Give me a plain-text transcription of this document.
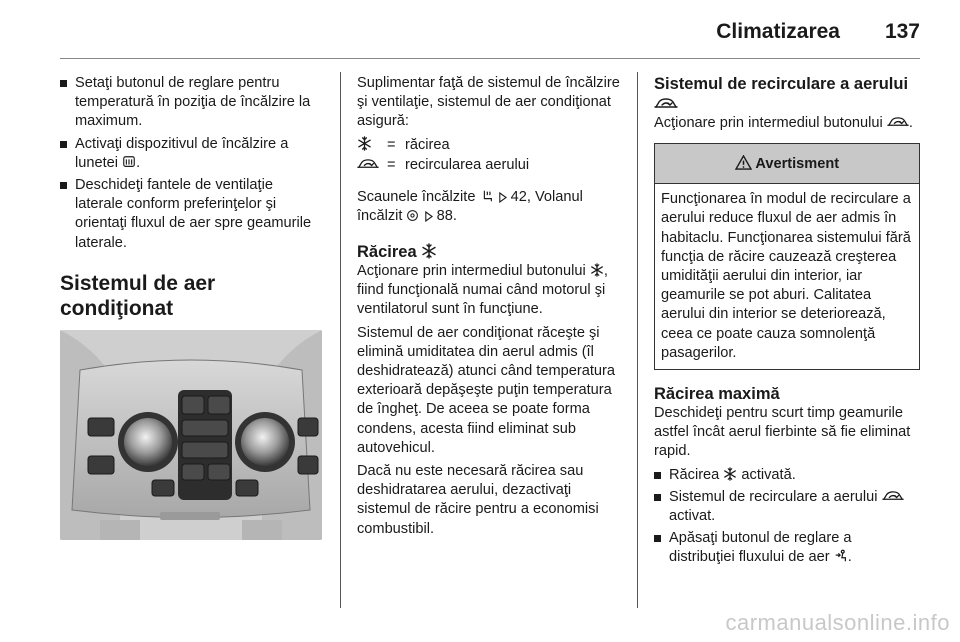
Climatizarea 137
Setaţi butonul de reglare pentru temperatură în poziţia de încălzire la maximum.
Activaţi dispozitivul de încălzire a lunetei .
Deschideţi fantele de ventilaţie laterale conform preferinţelor şi orientaţi fluxul de aer spre geamurile laterale.
Sistemul de aer condiţionat

Suplimentar faţă de sistemul de încălzire şi ventilaţie, sistemul de aer condiţionat asigură:

= răcirea
= recircularea aerului

Scaunele încălzite 42, Volanul
încălzit 88.

Răcirea

Acţionare prin intermediul butonului , fiind funcţională numai când motorul şi ventilatorul sunt în funcţiune.

Sistemul de aer condiţionat răceşte şi elimină umiditatea din aerul admis (îl deshidratează) atunci când temperatura exterioară depăşeşte puţin temperatura de îngheţ. De aceea se poate forma condens, acesta fiind eliminat sub autovehicul.

Dacă nu este necesară răcirea sau deshidratarea aerului, dezactivaţi sistemul de răcire pentru a economisi combustibil.

Sistemul de recirculare a aerului

Acţionare prin intermediul butonului .

Avertisment

Funcţionarea în modul de recirculare a aerului reduce fluxul de aer admis în habitaclu. Funcţionarea sistemului fără funcţia de răcire cauzează creşterea umidităţii aerului din interior, iar geamurile se pot aburi. Calitatea aerului din interior se deteriorează, ceea ce poate cauza somnolenţă pasagerilor.

Răcirea maximă

Deschideţi pentru scurt timp geamurile astfel încât aerul fierbinte să fie eliminat rapid.

Răcirea activată.
Sistemul de recirculare a aerului  activat.
Apăsaţi butonul de reglare a distribuţiei fluxului de aer .
carmanualsonline.info
